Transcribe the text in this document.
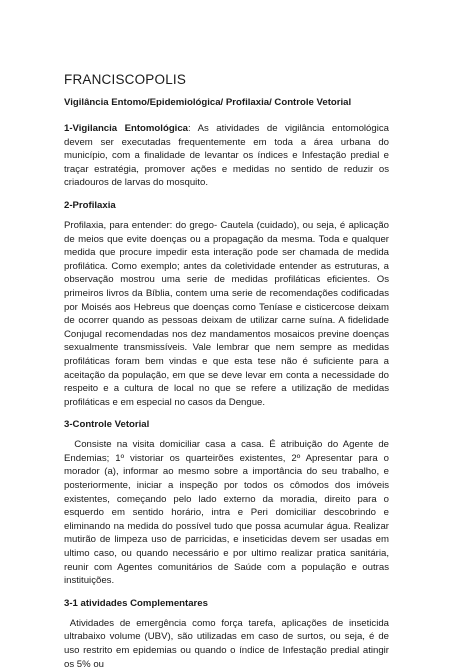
FRANCISCOPOLIS
Vigilância Entomo/Epidemiológica/ Profilaxia/ Controle Vetorial

1-Vigilancia Entomológica: As atividades de vigilância entomológica devem ser executadas frequentemente em toda a área urbana do município, com a finalidade de levantar os índices e Infestação predial e traçar estratégia, promover ações e medidas no sentido de reduzir os criadouros de larvas do mosquito.

2-Profilaxia

Profilaxia, para entender: do grego- Cautela (cuidado), ou seja, é aplicação de meios que evite doenças ou a propagação da mesma. Toda e qualquer medida que procure impedir esta interação pode ser chamada de medida profilática. Como exemplo; antes da coletividade entender as estruturas, a observação mostrou uma serie de medidas profiláticas eficientes. Os primeiros livros da Bíblia, contem uma serie de recomendações codificadas por Moisés aos Hebreus que doenças como Teníase e cisticercose deixam de ocorrer quando as pessoas deixam de utilizar carne suína. A fidelidade Conjugal recomendadas nos dez mandamentos mosaicos previne doenças sexualmente transmissíveis. Vale lembrar que nem sempre as medidas profiláticas foram bem vindas e que esta tese não é suficiente para a aceitação da população, em que se deve levar em conta a necessidade do respeito e a cultura de local no que se refere a utilização de medidas profiláticas e em especial no casos da Dengue.

3-Controle Vetorial

Consiste na visita domiciliar casa a casa. É atribuição do Agente de Endemias; 1º vistoriar os quarteirões existentes, 2º Apresentar para o morador (a), informar ao mesmo sobre a importância do seu trabalho, e posteriormente, iniciar a inspeção por todos os cômodos dos imóveis existentes, começando pelo lado externo da moradia, direito para o esquerdo em sentido horário, intra e Peri domiciliar descobrindo e eliminando na medida do possível tudo que possa acumular água. Realizar mutirão de limpeza uso de parricidas, e inseticidas devem ser usadas em ultimo caso, ou quando necessário e por ultimo realizar pratica sanitária, reunir com Agentes comunitários de Saúde com a população e outras instituições.

3-1 atividades Complementares

Atividades de emergência como força tarefa, aplicações de inseticida ultrabaixo volume (UBV), são utilizadas em caso de surtos, ou seja, é de uso restrito em epidemias ou quando o índice de Infestação predial atingir os 5% ou
